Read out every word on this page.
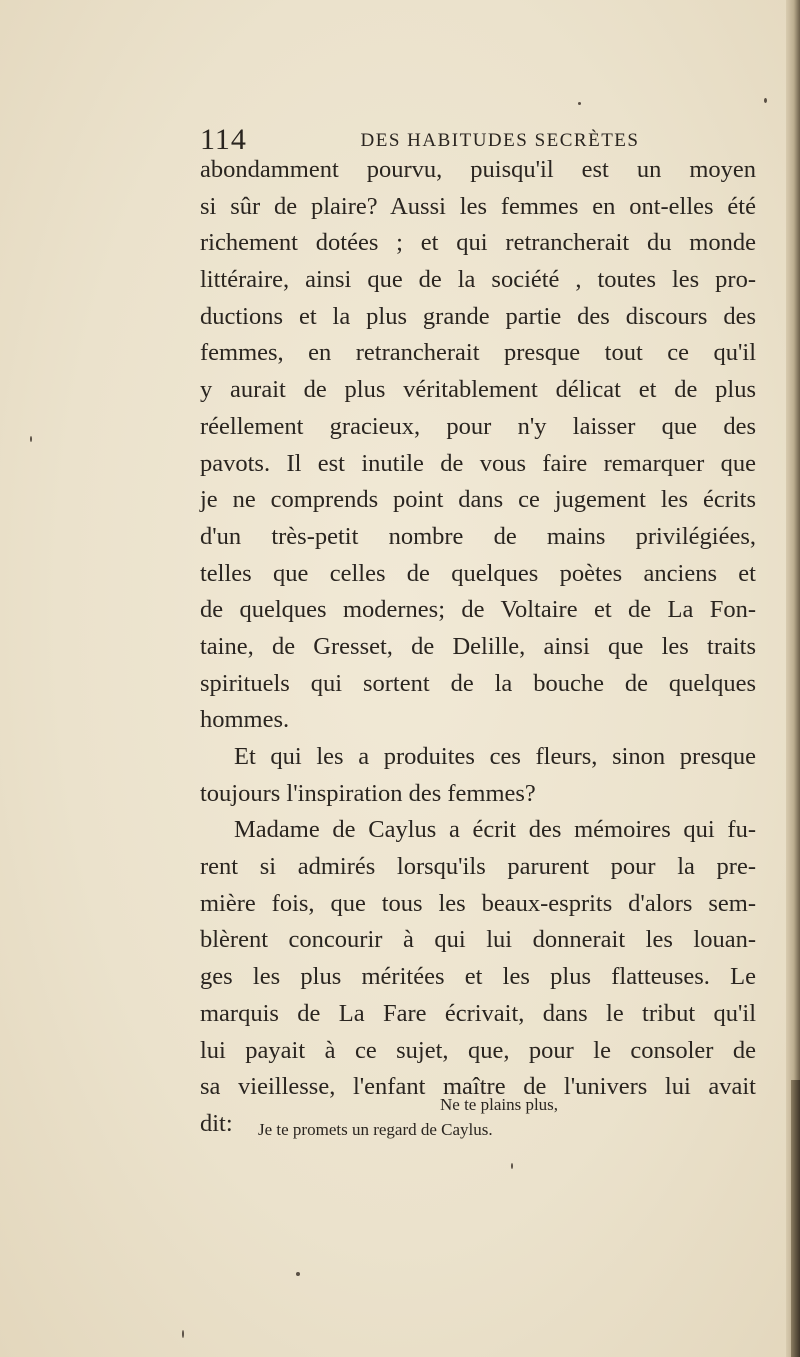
114	DES HABITUDES SECRÈTES
abondamment pourvu, puisqu'il est un moyen
si sûr de plaire? Aussi les femmes en ont-elles été
richement dotées ; et qui retrancherait du monde
littéraire, ainsi que de la société , toutes les pro-
ductions et la plus grande partie des discours des
femmes, en retrancherait presque tout ce qu'il
y aurait de plus véritablement délicat et de plus
réellement gracieux, pour n'y laisser que des
pavots. Il est inutile de vous faire remarquer que
je ne comprends point dans ce jugement les écrits
d'un très-petit nombre de mains privilégiées,
telles que celles de quelques poètes anciens et
de quelques modernes; de Voltaire et de La Fon-
taine, de Gresset, de Delille, ainsi que les traits
spirituels qui sortent de la bouche de quelques
hommes.
Et qui les a produites ces fleurs, sinon presque
toujours l'inspiration des femmes?
Madame de Caylus a écrit des mémoires qui fu-
rent si admirés lorsqu'ils parurent pour la pre-
mière fois, que tous les beaux-esprits d'alors sem-
blèrent concourir à qui lui donnerait les louan-
ges les plus méritées et les plus flatteuses. Le
marquis de La Fare écrivait, dans le tribut qu'il
lui payait à ce sujet, que, pour le consoler de
sa vieillesse, l'enfant maître de l'univers lui avait
dit:
Ne te plains plus,
Je te promets un regard de Caylus.
